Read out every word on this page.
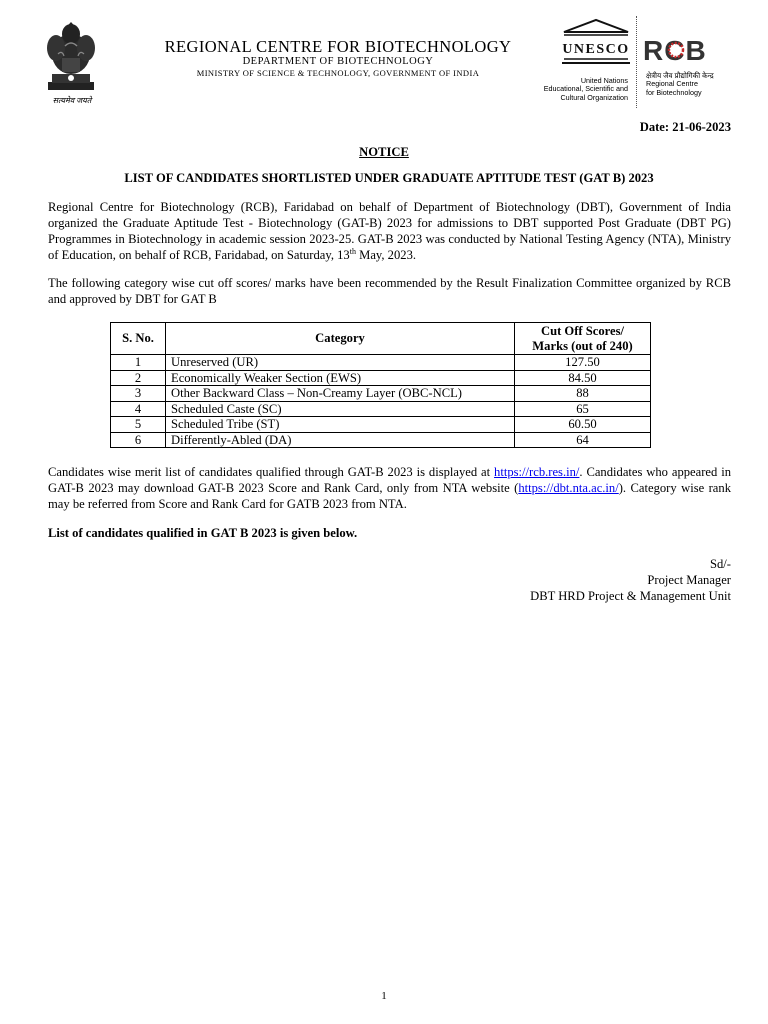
सत्यमेव जयते
REGIONAL CENTRE FOR BIOTECHNOLOGY
DEPARTMENT OF BIOTECHNOLOGY
MINISTRY OF SCIENCE & TECHNOLOGY, GOVERNMENT OF INDIA
UNESCO
United Nations
Educational, Scientific and
Cultural Organization
RCB
क्षेत्रीय जैव प्रौद्योगिकी केन्द्र
Regional Centre
for Biotechnology
Date: 21-06-2023
NOTICE
LIST OF CANDIDATES SHORTLISTED UNDER GRADUATE APTITUDE TEST (GAT B) 2023
Regional Centre for Biotechnology (RCB), Faridabad on behalf of Department of Biotechnology (DBT), Government of India organized the Graduate Aptitude Test - Biotechnology (GAT-B) 2023 for admissions to DBT supported Post Graduate (DBT PG) Programmes in Biotechnology in academic session 2023-25. GAT-B 2023 was conducted by National Testing Agency (NTA), Ministry of Education, on behalf of RCB, Faridabad, on Saturday, 13th May, 2023.
The following category wise cut off scores/ marks have been recommended by the Result Finalization Committee organized by RCB and approved by DBT for GAT B
S. No.	Category	Cut Off Scores/
Marks (out of 240)
1	Unreserved (UR)	127.50
2	Economically Weaker Section (EWS)	84.50
3	Other Backward Class – Non-Creamy Layer (OBC-NCL)	88
4	Scheduled Caste (SC)	65
5	Scheduled Tribe (ST)	60.50
6	Differently-Abled (DA)	64
Candidates wise merit list of candidates qualified through GAT-B 2023 is displayed at https://rcb.res.in/. Candidates who appeared in GAT-B 2023 may download GAT-B 2023 Score and Rank Card, only from NTA website (https://dbt.nta.ac.in/). Category wise rank may be referred from Score and Rank Card for GATB 2023 from NTA.
List of candidates qualified in GAT B 2023 is given below.
Sd/-
Project Manager
DBT HRD Project & Management Unit
1
